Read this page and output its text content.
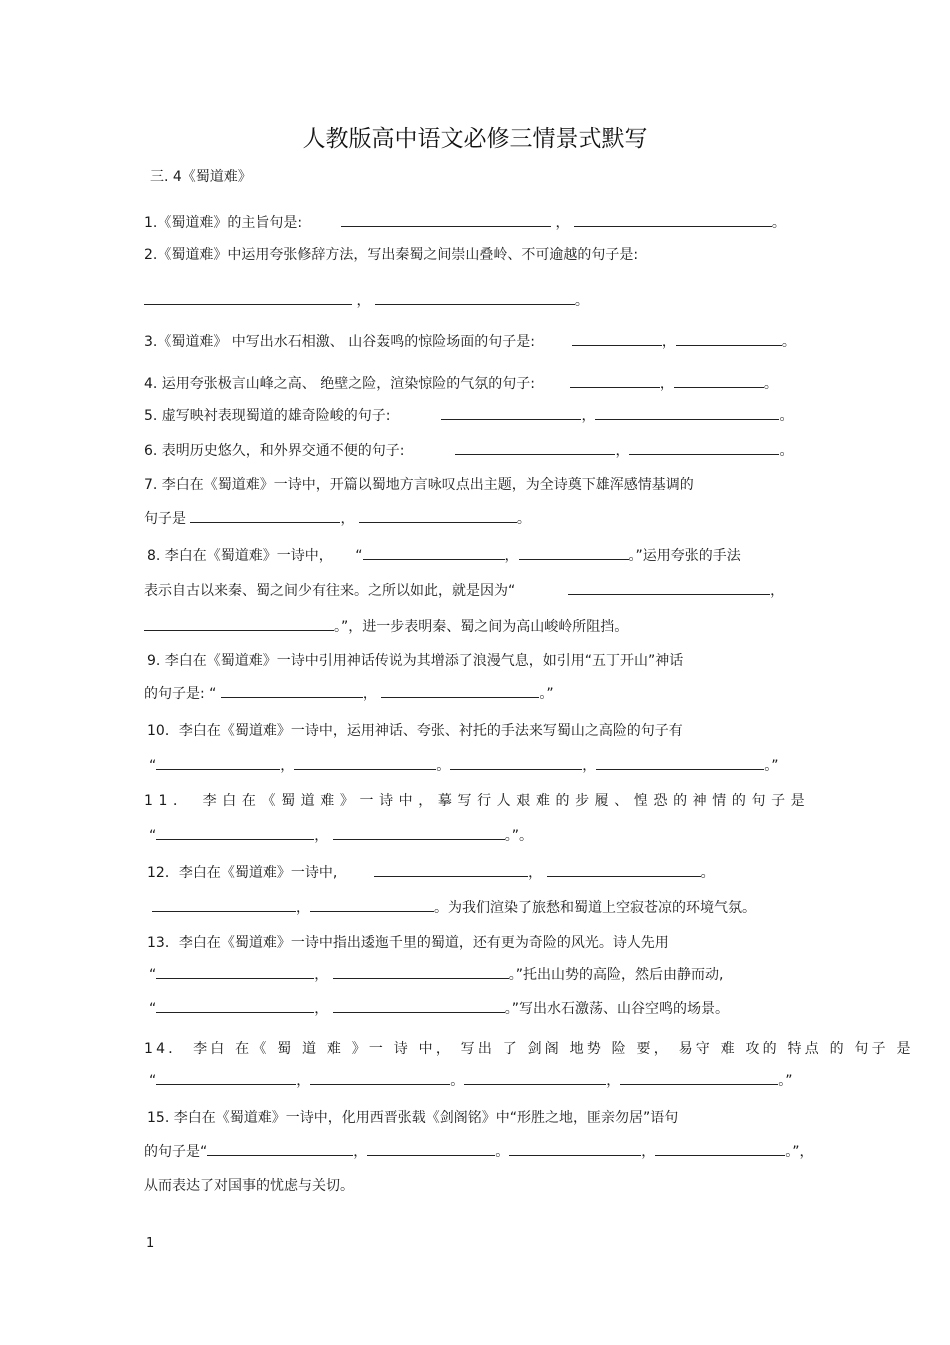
人教版高中语文必修三情景式默写
三. 4《蜀道难》
1.《蜀道难》的主旨句是:	，	。
2.《蜀道难》中运用夸张修辞方法，写出秦蜀之间崇山叠岭、不可逾越的句子是:
，	。
3.《蜀道难》 中写出水石相激、 山谷轰鸣的惊险场面的句子是:	，	。
4. 运用夸张极言山峰之高、 绝壁之险，渲染惊险的气氛的句子:	，	。
5. 虚写映衬表现蜀道的雄奇险峻的句子:	，	。
6. 表明历史悠久，和外界交通不便的句子:	，	。
7. 李白在《蜀道难》一诗中，开篇以蜀地方言咏叹点出主题，为全诗奠下雄浑感情基调的
句子是	，	。
8. 李白在《蜀道难》一诗中， “	，	。”运用夸张的手法
表示自古以来秦、蜀之间少有往来。之所以如此，就是因为“	，
。”，进一步表明秦、蜀之间为高山峻岭所阻挡。
9. 李白在《蜀道难》一诗中引用神话传说为其增添了浪漫气息，如引用“五丁开山”神话
的句子是: “	，	。”
10．李白在《蜀道难》一诗中，运用神话、夸张、衬托的手法来写蜀山之高险的句子有
“	，	。	，	。”
11． 李白在《蜀道难》一诗中，摹写行人艰难的步履、惶恐的神情的句子是
“	，	。”。
12．李白在《蜀道难》一诗中,	，	。
，	。为我们渲染了旅愁和蜀道上空寂苍凉的环境气氛。
13．李白在《蜀道难》一诗中指出逶迤千里的蜀道，还有更为奇险的风光。诗人先用
“	，	。”托出山势的高险，然后由静而动,
“	，	。”写出水石激荡、山谷空鸣的场景。
14． 李白 在《 蜀 道 难 》一 诗 中， 写出 了 剑阁 地势 险 要， 易守 难 攻的 特点 的 句子 是
“	，	。	，	。”
15. 李白在《蜀道难》一诗中，化用西晋张载《剑阁铭》中“形胜之地，匪亲勿居”语句
的句子是“	，	。	，	。”，
从而表达了对国事的忧虑与关切。
1
